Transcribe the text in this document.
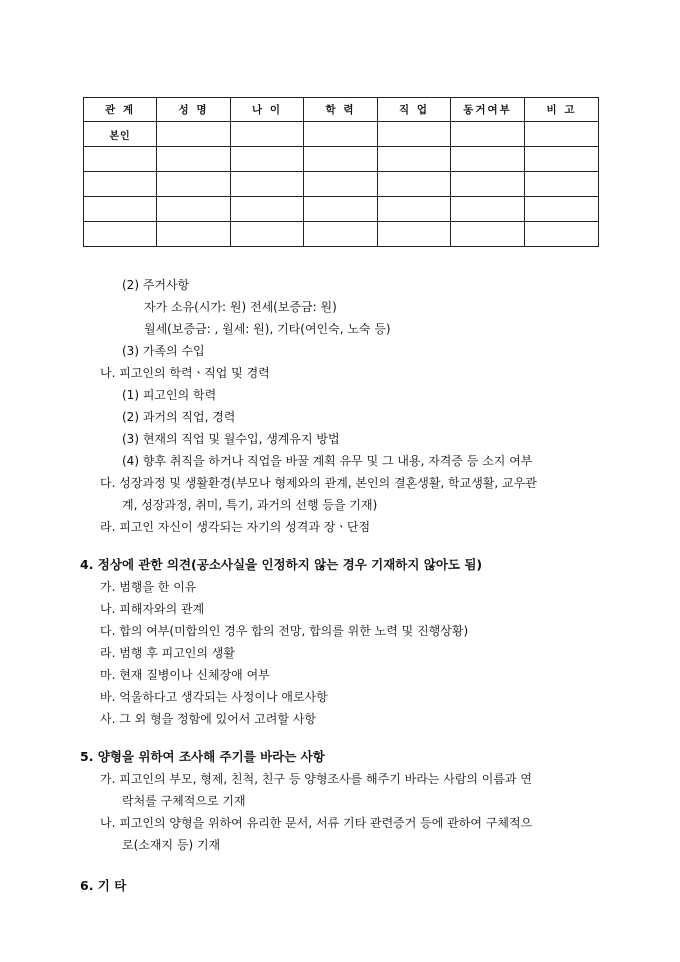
관 계	성 명	나 이	학 력	직 업	동거여부	비 고
본인						

(2) 주거사항
자가 소유(시가: 원) 전세(보증금: 원)
월세(보증금: , 월세: 원), 기타(여인숙, 노숙 등)
(3) 가족의 수입
나. 피고인의 학력ㆍ직업 및 경력
(1) 피고인의 학력
(2) 과거의 직업, 경력
(3) 현재의 직업 및 월수입, 생계유지 방법
(4) 향후 취직을 하거나 직업을 바꿀 계획 유무 및 그 내용, 자격증 등 소지 여부
다. 성장과정 및 생활환경(부모나 형제와의 관계, 본인의 결혼생활, 학교생활, 교우관
계, 성장과정, 취미, 특기, 과거의 선행 등을 기재)
라. 피고인 자신이 생각되는 자기의 성격과 장ㆍ단점
4. 정상에 관한 의견(공소사실을 인정하지 않는 경우 기재하지 않아도 됨)
가. 범행을 한 이유
나. 피해자와의 관계
다. 합의 여부(미합의인 경우 합의 전망, 합의를 위한 노력 및 진행상황)
라. 범행 후 피고인의 생활
마. 현재 질병이나 신체장애 여부
바. 억울하다고 생각되는 사정이나 애로사항
사. 그 외 형을 정함에 있어서 고려할 사항
5. 양형을 위하여 조사해 주기를 바라는 사항
가. 피고인의 부모, 형제, 친척, 친구 등 양형조사를 해주기 바라는 사람의 이름과 연
락처를 구체적으로 기재
나. 피고인의 양형을 위하여 유리한 문서, 서류 기타 관련증거 등에 관하여 구체적으
로(소재지 등) 기재
6. 기 타
